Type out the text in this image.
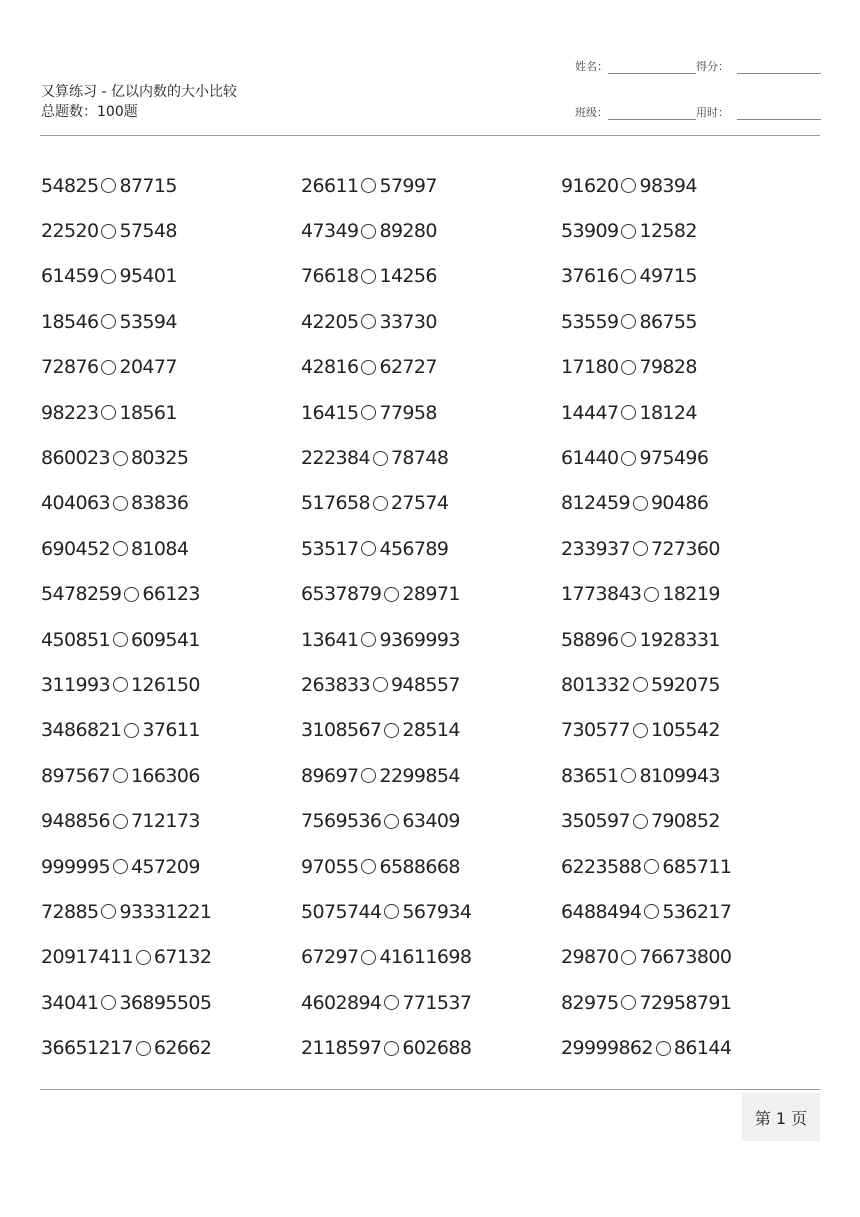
又算练习 - 亿以内数的大小比较
总题数：100题
姓名：	得分：
班级：	用时：
54825 87715	26611 57997	91620 98394
22520 57548	47349 89280	53909 12582
61459 95401	76618 14256	37616 49715
18546 53594	42205 33730	53559 86755
72876 20477	42816 62727	17180 79828
98223 18561	16415 77958	14447 18124
860023 80325	222384 78748	61440 975496
404063 83836	517658 27574	812459 90486
690452 81084	53517 456789	233937 727360
5478259 66123	6537879 28971	1773843 18219
450851 609541	13641 9369993	58896 1928331
311993 126150	263833 948557	801332 592075
3486821 37611	3108567 28514	730577 105542
897567 166306	89697 2299854	83651 8109943
948856 712173	7569536 63409	350597 790852
999995 457209	97055 6588668	6223588 685711
72885 93331221	5075744 567934	6488494 536217
20917411 67132	67297 41611698	29870 76673800
34041 36895505	4602894 771537	82975 72958791
36651217 62662	2118597 602688	29999862 86144
第 1 页
